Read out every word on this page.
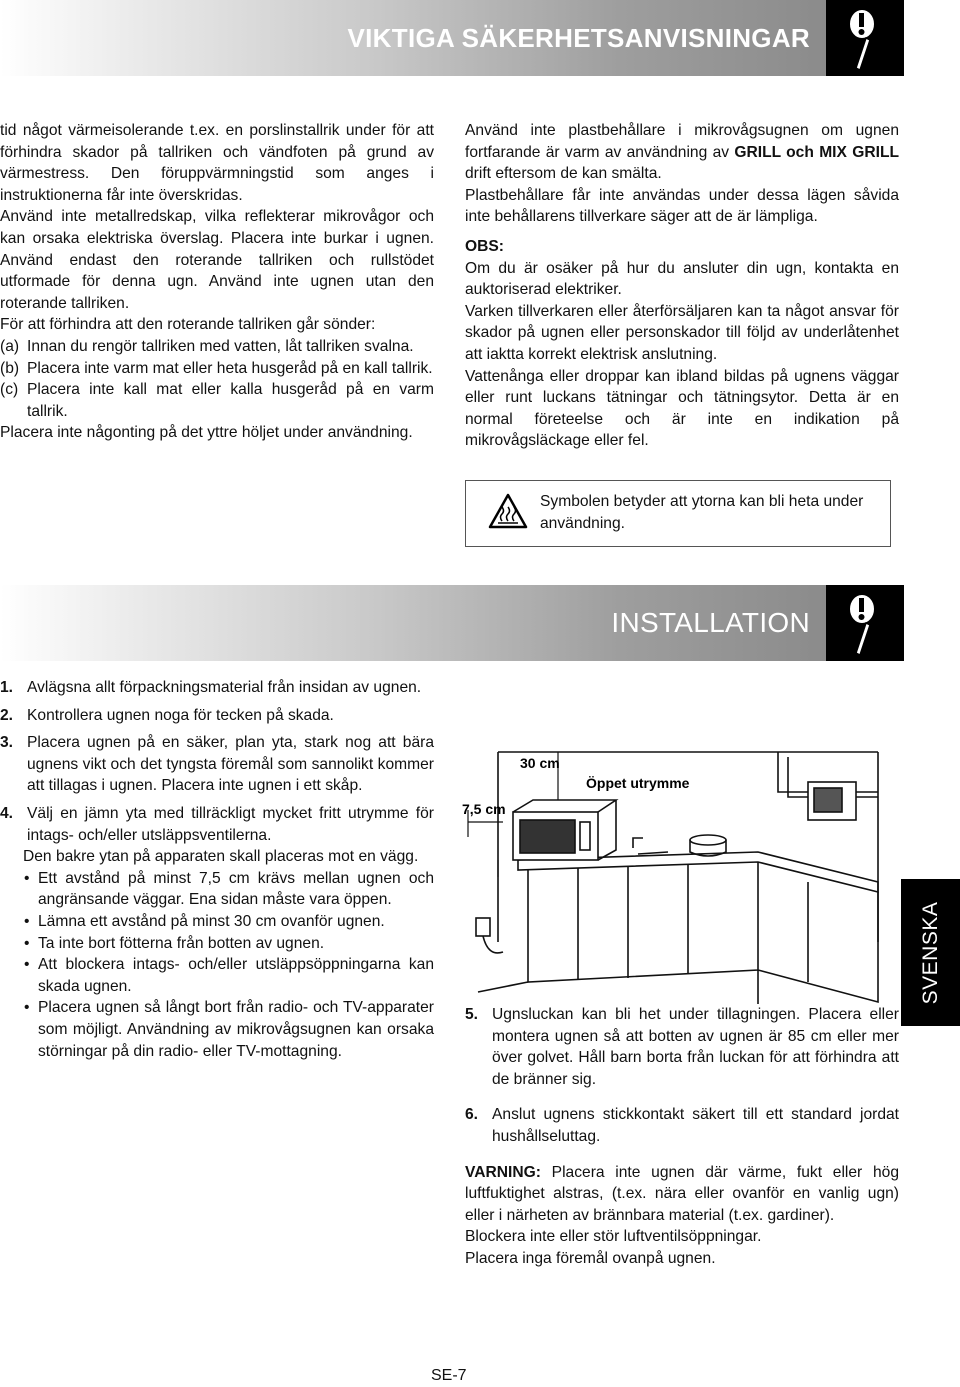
VIKTIGA SÄKERHETSANVISNINGAR

tid något värmeisolerande t.ex. en porslinstallrik under för att förhindra skador på tallriken och vändfoten på grund av värmestress. Den föruppvärmningstid som anges i instruktionerna får inte överskridas.

Använd inte metallredskap, vilka reflekterar mikrovågor och kan orsaka elektriska överslag. Placera inte burkar i ugnen. Använd endast den roterande tallriken och rullstödet utformade för denna ugn. Använd inte ugnen utan den roterande tallriken.

För att förhindra att den roterande tallriken går sönder:

(a) Innan du rengör tallriken med vatten, låt tallriken svalna.

(b) Placera inte varm mat eller heta husgeråd på en kall tallrik.

(c) Placera inte kall mat eller kalla husgeråd på en varm tallrik.

Placera inte någonting på det yttre höljet under användning.

Använd inte plastbehållare i mikrovågsugnen om ugnen fortfarande är varm av användning av GRILL och MIX GRILL drift eftersom de kan smälta.

Plastbehållare får inte användas under dessa lägen såvida inte behållarens tillverkare säger att de är lämpliga.

OBS:

Om du är osäker på hur du ansluter din ugn, kontakta en auktoriserad elektriker.

Varken tillverkaren eller återförsäljaren kan ta något ansvar för skador på ugnen eller personskador till följd av underlåtenhet att iaktta korrekt elektrisk anslutning.

Vattenånga eller droppar kan ibland bildas på ugnens väggar eller runt luckans tätningar och tätningsytor. Detta är en normal företeelse och är inte en indikation på mikrovågsläckage eller fel.

Symbolen betyder att ytorna kan bli heta under användning.
INSTALLATION

1. Avlägsna allt förpackningsmaterial från insidan av ugnen.

2. Kontrollera ugnen noga för tecken på skada.

3. Placera ugnen på en säker, plan yta, stark nog att bära ugnens vikt och det tyngsta föremål som sannolikt kommer att tillagas i ugnen. Placera inte ugnen i ett skåp.

4. Välj en jämn yta med tillräckligt mycket fritt utrymme för intags- och/eller utsläppsventilerna.

Den bakre ytan på apparaten skall placeras mot en vägg.

• Ett avstånd på minst 7,5 cm krävs mellan ugnen och angränsande väggar. Ena sidan måste vara öppen.

• Lämna ett avstånd på minst 30 cm ovanför ugnen.

• Ta inte bort fötterna från botten av ugnen.

• Att blockera intags- och/eller utsläppsöppningarna kan skada ugnen.

• Placera ugnen så långt bort från radio- och TV-apparater som möjligt. Användning av mikrovågsugnen kan orsaka störningar på din radio- eller TV-mottagning.

30 cm
7,5 cm
Öppet utrymme

5. Ugnsluckan kan bli het under tillagningen. Placera eller montera ugnen så att botten av ugnen är 85 cm eller mer över golvet. Håll barn borta från luckan för att förhindra att de bränner sig.

6. Anslut ugnens stickkontakt säkert till ett standard jordat hushållseluttag.

VARNING: Placera inte ugnen där värme, fukt eller hög luftfuktighet alstras, (t.ex. nära eller ovanför en vanlig ugn) eller i närheten av brännbara material (t.ex. gardiner).

Blockera inte eller stör luftventilsöppningar.

Placera inga föremål ovanpå ugnen.

SVENSKA
SE-7
